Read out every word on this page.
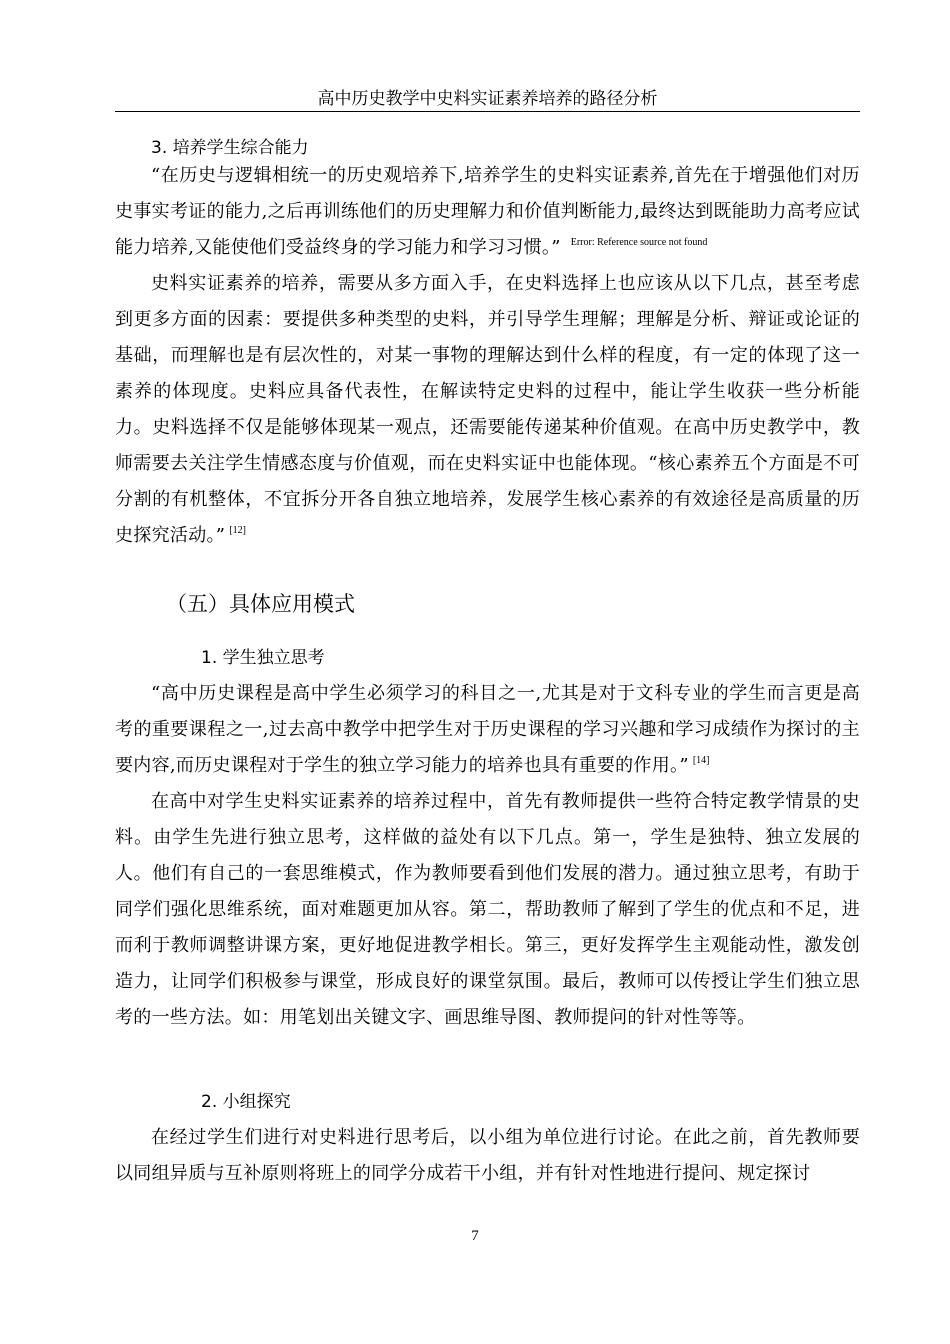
高中历史教学中史料实证素养培养的路径分析
3. 培养学生综合能力
“在历史与逻辑相统一的历史观培养下,培养学生的史料实证素养,首先在于增强他们对历史事实考证的能力,之后再训练他们的历史理解力和价值判断能力,最终达到既能助力高考应试能力培养,又能使他们受益终身的学习能力和学习习惯。” $^{Error: Reference source not found}$
史料实证素养的培养，需要从多方面入手，在史料选择上也应该从以下几点，甚至考虑到更多方面的因素：要提供多种类型的史料，并引导学生理解；理解是分析、辩证或论证的基础，而理解也是有层次性的，对某一事物的理解达到什么样的程度，有一定的体现了这一素养的体现度。史料应具备代表性，在解读特定史料的过程中，能让学生收获一些分析能力。史料选择不仅是能够体现某一观点，还需要能传递某种价值观。在高中历史教学中，教师需要去关注学生情感态度与价值观，而在史料实证中也能体现。“核心素养五个方面是不可分割的有机整体，不宜拆分开各自独立地培养，发展学生核心素养的有效途径是高质量的历史探究活动。” [12]
（五）具体应用模式
1. 学生独立思考
“高中历史课程是高中学生必须学习的科目之一,尤其是对于文科专业的学生而言更是高考的重要课程之一,过去高中教学中把学生对于历史课程的学习兴趣和学习成绩作为探讨的主要内容,而历史课程对于学生的独立学习能力的培养也具有重要的作用。” [14]
在高中对学生史料实证素养的培养过程中，首先有教师提供一些符合特定教学情景的史料。由学生先进行独立思考，这样做的益处有以下几点。第一，学生是独特、独立发展的人。他们有自己的一套思维模式，作为教师要看到他们发展的潜力。通过独立思考，有助于同学们强化思维系统，面对难题更加从容。第二，帮助教师了解到了学生的优点和不足，进而利于教师调整讲课方案，更好地促进教学相长。第三，更好发挥学生主观能动性，激发创造力，让同学们积极参与课堂，形成良好的课堂氛围。最后，教师可以传授让学生们独立思考的一些方法。如：用笔划出关键文字、画思维导图、教师提问的针对性等等。
2. 小组探究
在经过学生们进行对史料进行思考后，以小组为单位进行讨论。在此之前，首先教师要以同组异质与互补原则将班上的同学分成若干小组，并有针对性地进行提问、规定探讨
7
